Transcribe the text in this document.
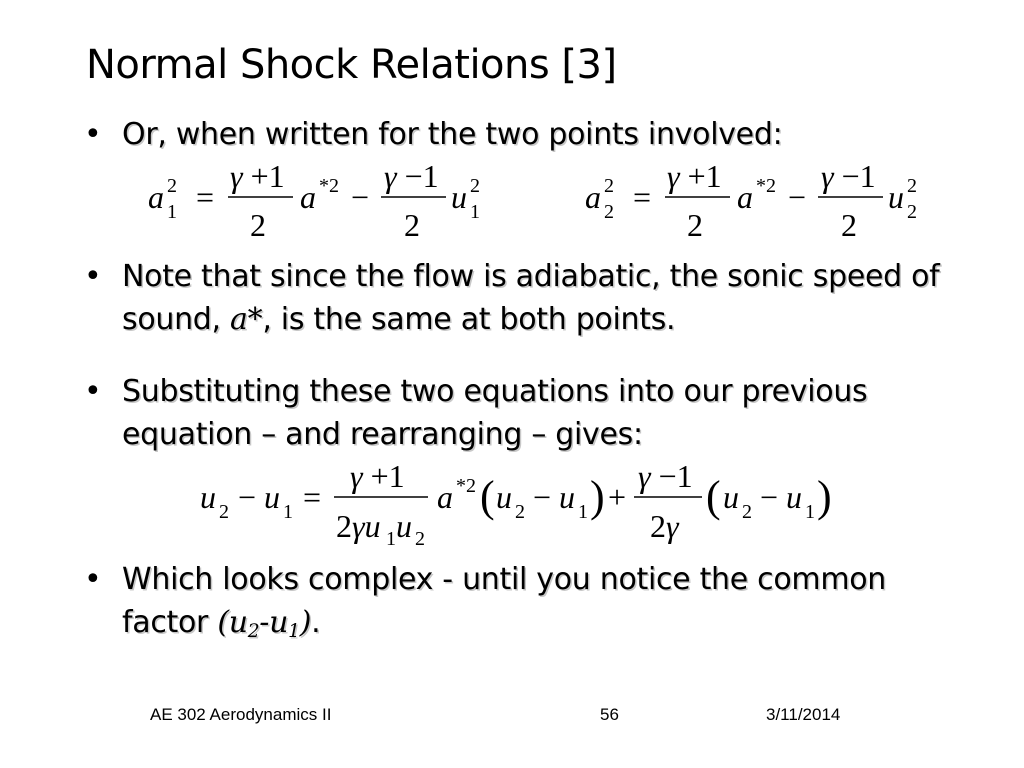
Normal Shock Relations [3]
• Or, when written for the two points involved:
a 2
1 =
γ +1
2
a *2 −
γ −1
2
u 2
1	a 2
2 =
γ +1
2
a *2 −
γ −1
2
u 2
2
• Note that since the flow is adiabatic, the sonic speed of sound, a*, is the same at both points.
• Substituting these two equations into our previous equation – and rearranging – gives:
u 2 − u 1 =
γ +1
2γu 1 u 2
a *2 ( u 2 − u 1 ) +
γ −1
2γ
( u 2 − u 1 )
• Which looks complex - until you notice the common factor (u2-u1).
AE 302 Aerodynamics II	56	3/11/2014
